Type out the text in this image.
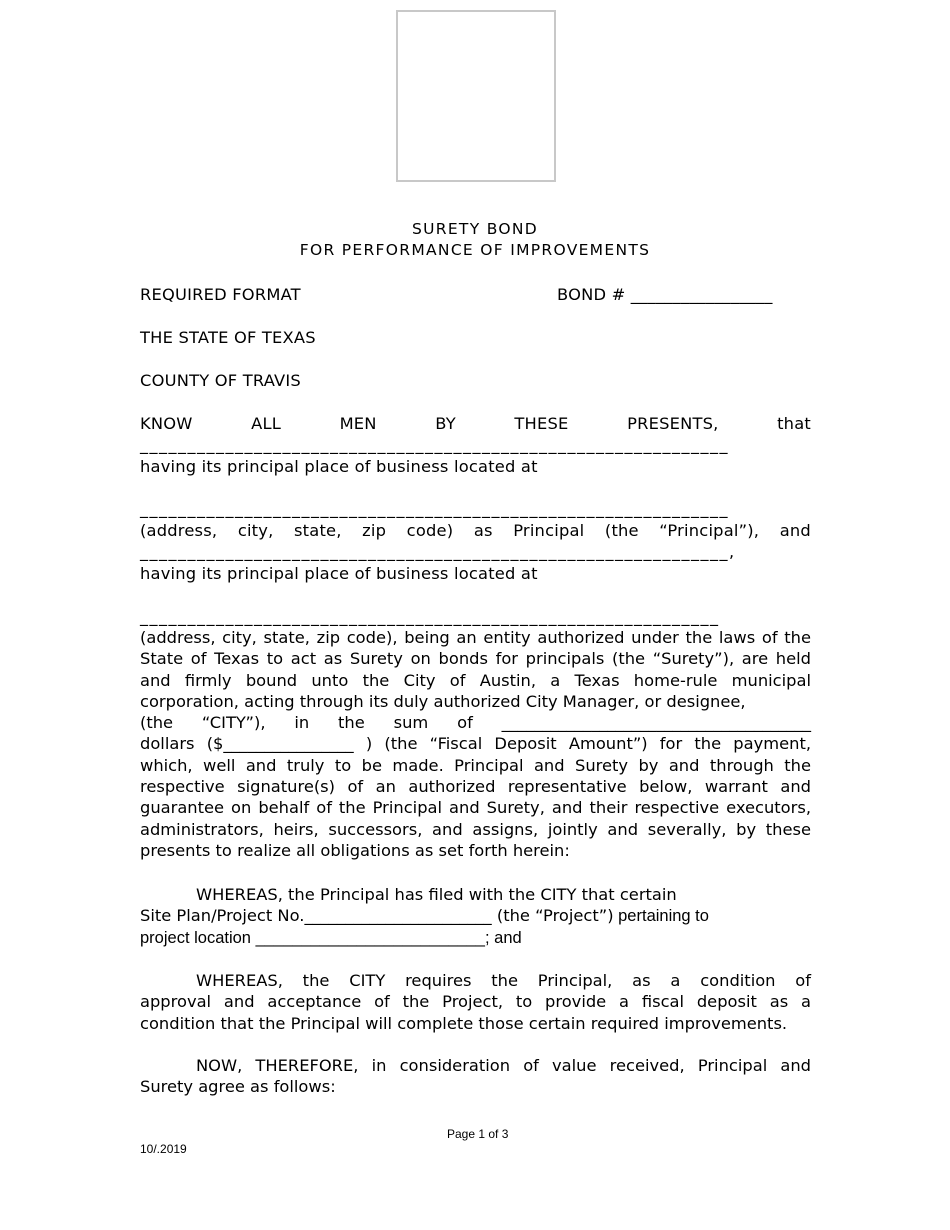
SURETY BOND
FOR PERFORMANCE OF IMPROVEMENTS
REQUIRED FORMAT	BOND # _________________
THE STATE OF TEXAS
COUNTY OF TRAVIS
KNOW	ALL	MEN	BY	THESE	PRESENTS,	that
______________________________________________________________
having its principal place of business located at
______________________________________________________________
(address, city, state, zip code) as Principal (the “Principal”), and
______________________________________________________________,
having its principal place of business located at
_____________________________________________________________
(address, city, state, zip code), being an entity authorized under the laws of the
State of Texas to act as Surety on bonds for principals (the “Surety”), are held
and firmly bound unto the City of Austin, a Texas home-rule municipal
corporation, acting through its duly authorized City Manager, or designee,
(the “CITY”), in the sum of ______________________________________
dollars ($________________ ) (the “Fiscal Deposit Amount”) for the payment,
which, well and truly to be made. Principal and Surety by and through the
respective signature(s) of an authorized representative below, warrant and
guarantee on behalf of the Principal and Surety, and their respective executors,
administrators, heirs, successors, and assigns, jointly and severally, by these
presents to realize all obligations as set forth herein:
WHEREAS, the Principal has filed with the CITY that certain
Site Plan/Project No._______________________ (the “Project”) pertaining to
project location _________________________; and
WHEREAS, the CITY requires the Principal, as a condition of
approval and acceptance of the Project, to provide a fiscal deposit as a
condition that the Principal will complete those certain required improvements.
NOW, THEREFORE, in consideration of value received, Principal and
Surety agree as follows:
Page 1 of 3
10/.2019
